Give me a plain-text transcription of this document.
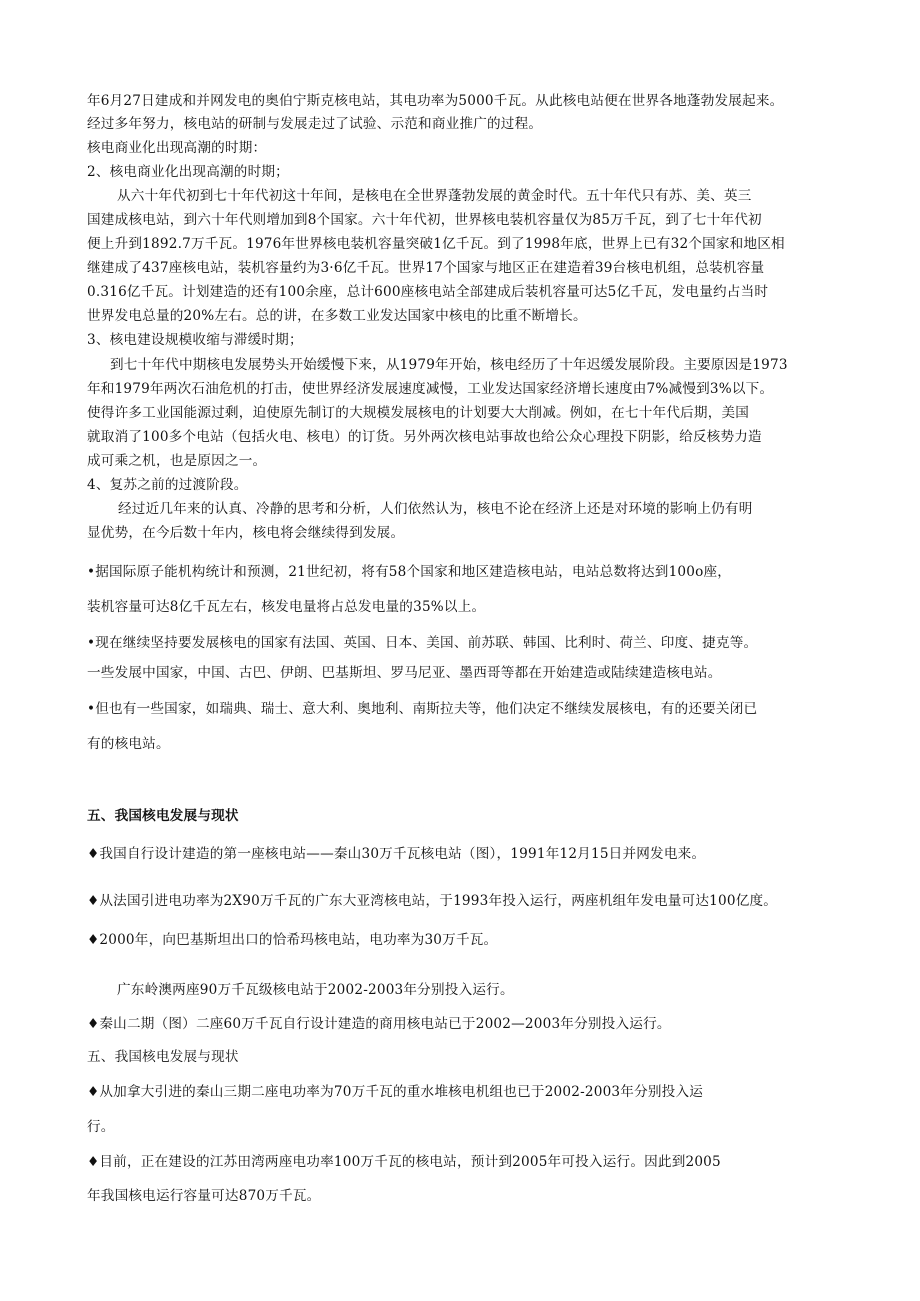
年6月27日建成和并网发电的奥伯宁斯克核电站，其电功率为5000千瓦。从此核电站便在世界各地蓬勃发展起来。
经过多年努力，核电站的研制与发展走过了试验、示范和商业推广的过程。
核电商业化出现高潮的时期：
2、核电商业化出现高潮的时期；
从六十年代初到七十年代初这十年间，是核电在全世界蓬勃发展的黄金时代。五十年代只有苏、美、英三
国建成核电站，到六十年代则增加到8个国家。六十年代初，世界核电装机容量仅为85万千瓦，到了七十年代初
便上升到1892.7万千瓦。1976年世界核电装机容量突破1亿千瓦。到了1998年底，世界上已有32个国家和地区相
继建成了437座核电站，装机容量约为3·6亿千瓦。世界17个国家与地区正在建造着39台核电机组，总装机容量
0.316亿千瓦。计划建造的还有100余座，总计600座核电站全部建成后装机容量可达5亿千瓦，发电量约占当时
世界发电总量的20%左右。总的讲，在多数工业发达国家中核电的比重不断增长。
3、核电建设规模收缩与滞缓时期；
到七十年代中期核电发展势头开始缓慢下来，从1979年开始，核电经历了十年迟缓发展阶段。主要原因是1973
年和1979年两次石油危机的打击，使世界经济发展速度减慢，工业发达国家经济增长速度由7%减慢到3%以下。
使得许多工业国能源过剩，迫使原先制订的大规模发展核电的计划要大大削减。例如，在七十年代后期，美国
就取消了100多个电站（包括火电、核电）的订货。另外两次核电站事故也给公众心理投下阴影，给反核势力造
成可乘之机，也是原因之一。
4、复苏之前的过渡阶段。
经过近几年来的认真、冷静的思考和分析，人们依然认为，核电不论在经济上还是对环境的影响上仍有明
显优势，在今后数十年内，核电将会继续得到发展。
•据国际原子能机构统计和预测，21世纪初，将有58个国家和地区建造核电站，电站总数将达到100o座，
装机容量可达8亿千瓦左右，核发电量将占总发电量的35%以上。
•现在继续坚持要发展核电的国家有法国、英国、日本、美国、前苏联、韩国、比利时、荷兰、印度、捷克等。
一些发展中国家，中国、古巴、伊朗、巴基斯坦、罗马尼亚、墨西哥等都在开始建造或陆续建造核电站。
•但也有一些国家，如瑞典、瑞士、意大利、奥地利、南斯拉夫等，他们决定不继续发展核电，有的还要关闭已
有的核电站。
五、我国核电发展与现状
♦我国自行设计建造的第一座核电站——秦山30万千瓦核电站（图），1991年12月15日并网发电来。
♦从法国引进电功率为2X90万千瓦的广东大亚湾核电站，于1993年投入运行，两座机组年发电量可达100亿度。
♦2000年，向巴基斯坦出口的恰希玛核电站，电功率为30万千瓦。
广东岭澳两座90万千瓦级核电站于2002-2003年分别投入运行。
♦秦山二期（图）二座60万千瓦自行设计建造的商用核电站已于2002—2003年分别投入运行。
五、我国核电发展与现状
♦从加拿大引进的秦山三期二座电功率为70万千瓦的重水堆核电机组也已于2002-2003年分别投入运
行。
♦目前，正在建设的江苏田湾两座电功率100万千瓦的核电站，预计到2005年可投入运行。因此到2005
年我国核电运行容量可达870万千瓦。
